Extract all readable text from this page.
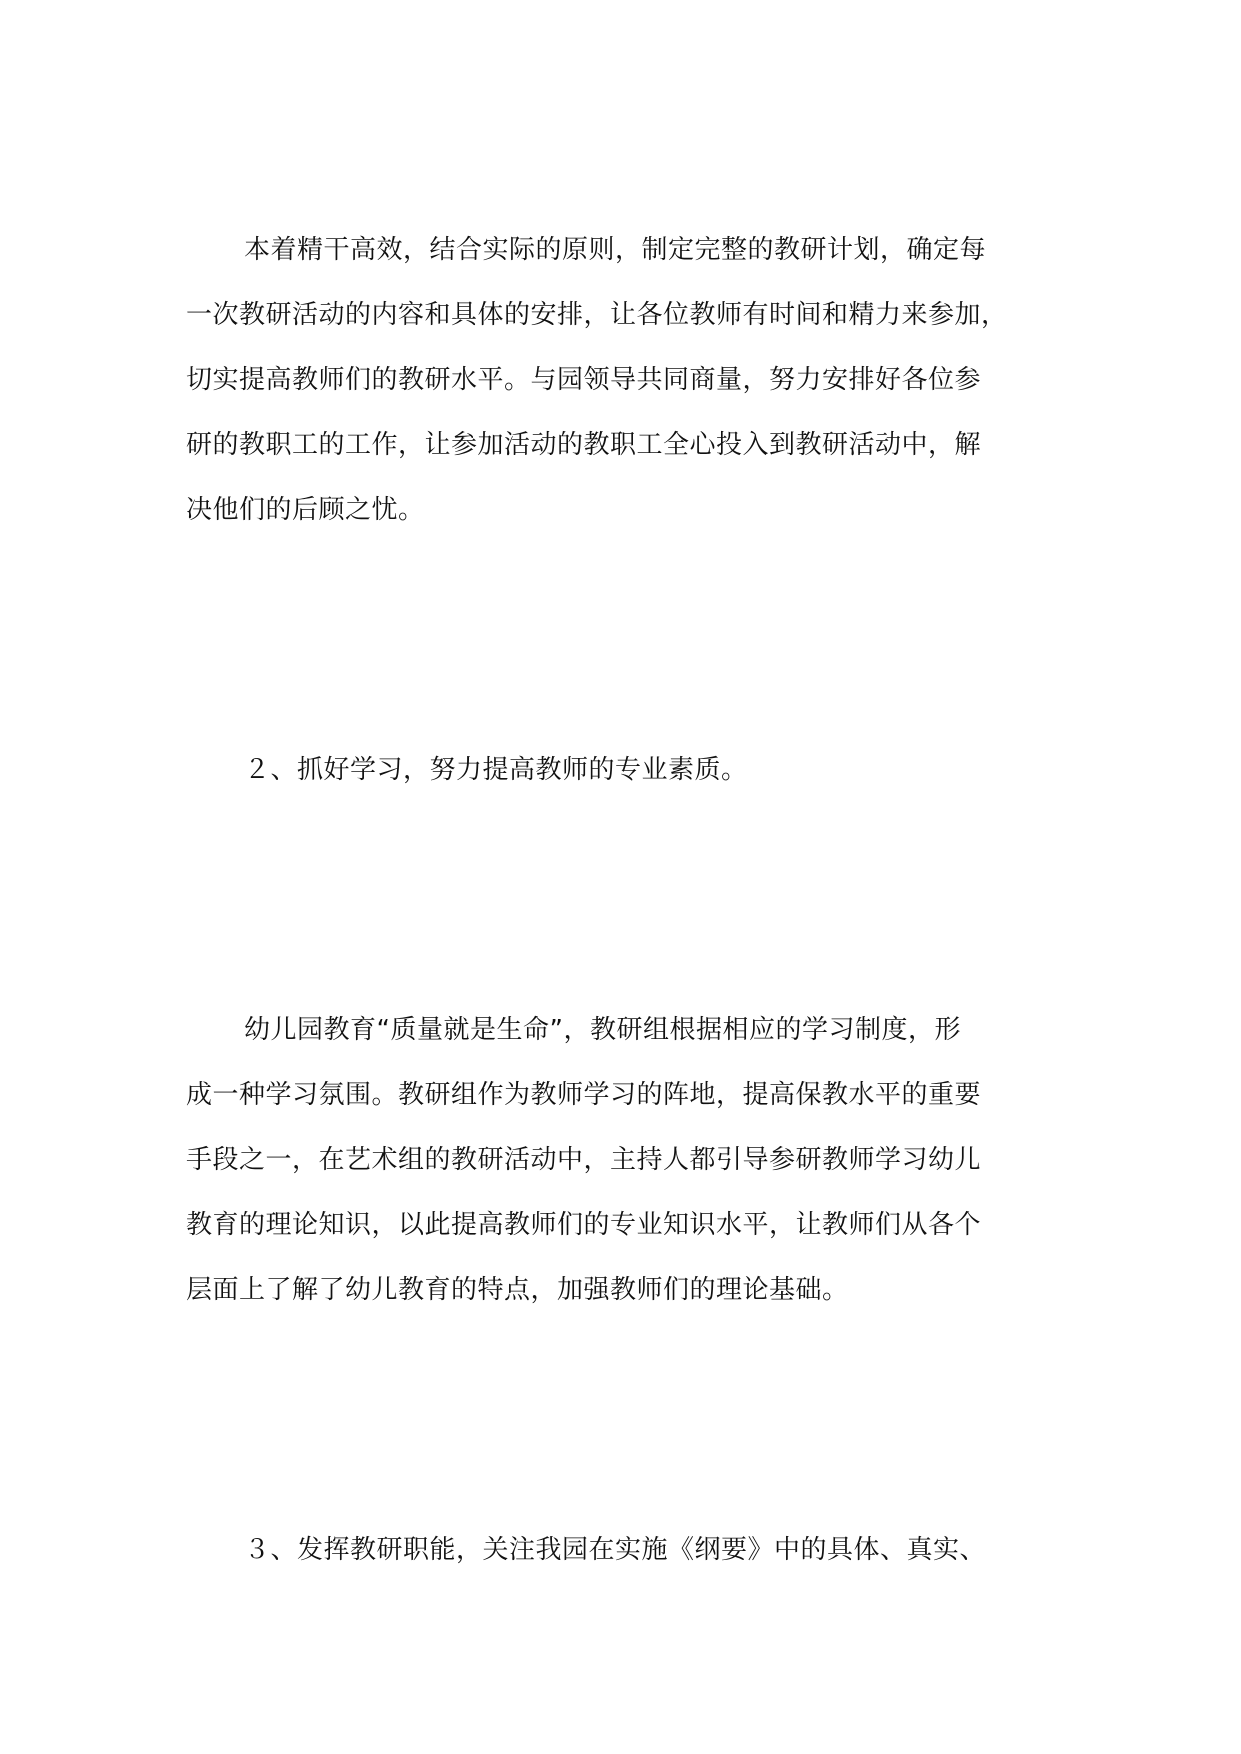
本着精干高效，结合实际的原则，制定完整的教研计划，确定每
一次教研活动的内容和具体的安排，让各位教师有时间和精力来参加，
切实提高教师们的教研水平。与园领导共同商量，努力安排好各位参
研的教职工的工作，让参加活动的教职工全心投入到教研活动中，解
决他们的后顾之忧。
２、抓好学习，努力提高教师的专业素质。
幼儿园教育“质量就是生命”，教研组根据相应的学习制度，形
成一种学习氛围。教研组作为教师学习的阵地，提高保教水平的重要
手段之一，在艺术组的教研活动中，主持人都引导参研教师学习幼儿
教育的理论知识，以此提高教师们的专业知识水平，让教师们从各个
层面上了解了幼儿教育的特点，加强教师们的理论基础。
３、发挥教研职能，关注我园在实施《纲要》中的具体、真实、
